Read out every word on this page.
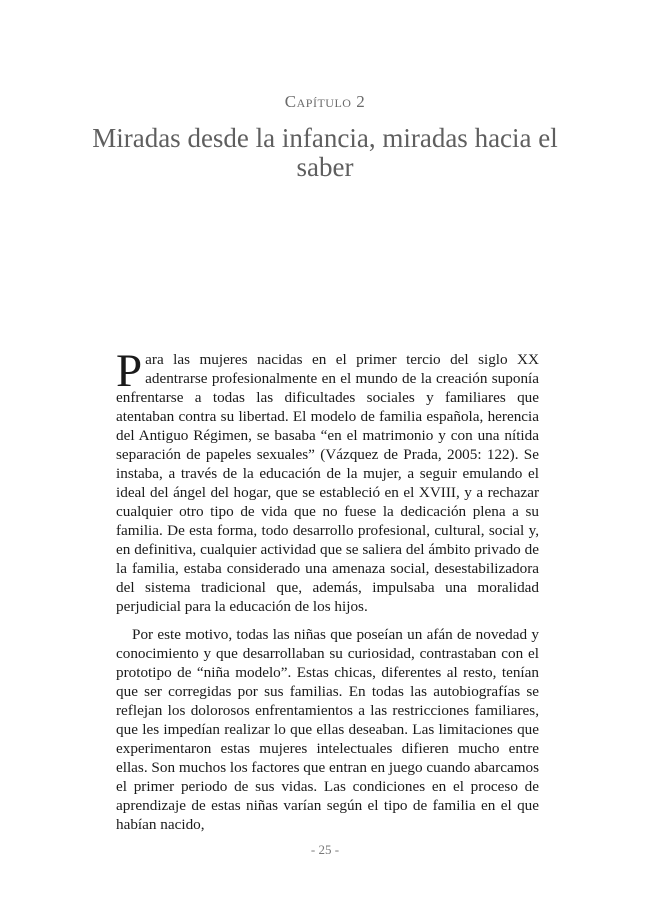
Capítulo 2
Miradas desde la infancia, miradas hacia el saber

Para las mujeres nacidas en el primer tercio del siglo XX adentrarse profesionalmente en el mundo de la creación suponía enfrentarse a todas las dificultades sociales y familiares que atentaban contra su libertad. El modelo de familia española, herencia del Antiguo Régimen, se basaba “en el matrimonio y con una nítida separación de papeles sexuales” (Vázquez de Prada, 2005: 122). Se instaba, a través de la educación de la mujer, a seguir emulando el ideal del ángel del hogar, que se estableció en el XVIII, y a rechazar cualquier otro tipo de vida que no fuese la dedicación plena a su familia. De esta forma, todo desarrollo profesional, cultural, social y, en definitiva, cualquier actividad que se saliera del ámbito privado de la familia, estaba considerado una amenaza social, desestabilizadora del sistema tradicional que, además, impulsaba una moralidad perjudicial para la educación de los hijos.

Por este motivo, todas las niñas que poseían un afán de novedad y conocimiento y que desarrollaban su curiosidad, contrastaban con el prototipo de “niña modelo”. Estas chicas, diferentes al resto, tenían que ser corregidas por sus familias. En todas las autobiografías se reflejan los dolorosos enfrentamientos a las restricciones familiares, que les impedían realizar lo que ellas deseaban. Las limitaciones que experimentaron estas mujeres intelectuales difieren mucho entre ellas. Son muchos los factores que entran en juego cuando abarcamos el primer periodo de sus vidas. Las condiciones en el proceso de aprendizaje de estas niñas varían según el tipo de familia en el que habían nacido,

- 25 -
